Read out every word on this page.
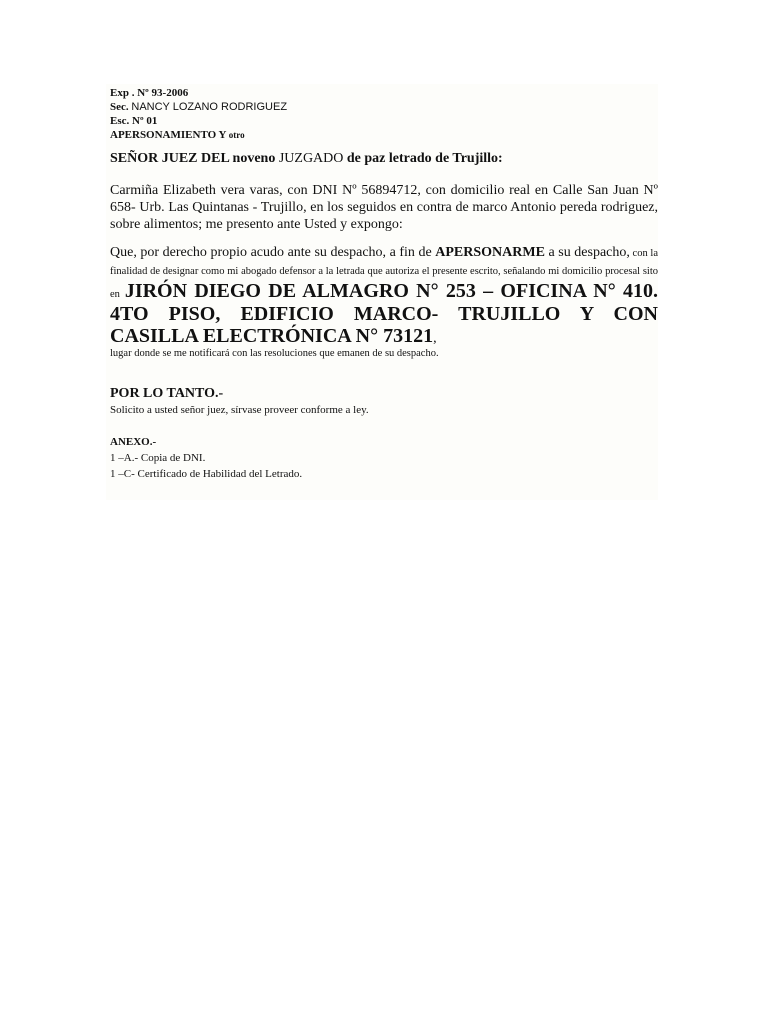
Exp . Nº 93-2006
Sec. NANCY LOZANO RODRIGUEZ
Esc. Nº 01
APERSONAMIENTO Y otro
SEÑOR JUEZ DEL noveno JUZGADO de paz letrado de Trujillo:
Carmiña Elizabeth vera varas, con DNI Nº 56894712, con domicilio real en Calle San Juan Nº 658- Urb. Las Quintanas - Trujillo, en los seguidos en contra de marco Antonio pereda rodriguez, sobre alimentos; me presento ante Usted y expongo:
Que, por derecho propio acudo ante su despacho, a fin de APERSONARME a su despacho, con la finalidad de designar como mi abogado defensor a la letrada que autoriza el presente escrito, señalando mi domicilio procesal sito en JIRÓN DIEGO DE ALMAGRO N° 253 – OFICINA N° 410. 4TO PISO, EDIFICIO MARCO- TRUJILLO Y CON CASILLA ELECTRÓNICA N° 73121,
lugar donde se me notificará con las resoluciones que emanen de su despacho.
POR LO TANTO.-
Solicito a usted señor juez, sírvase proveer conforme a ley.
ANEXO.-
1 –A.- Copia de DNI.
1 –C- Certificado de Habilidad del Letrado.
